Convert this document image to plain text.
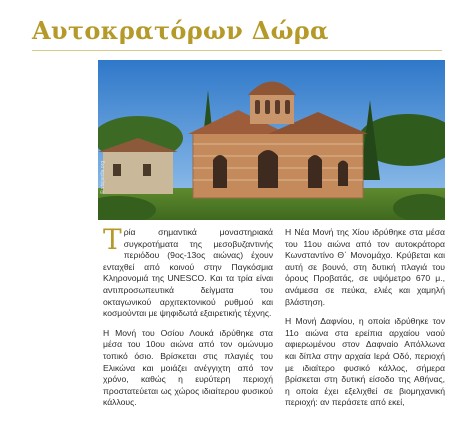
Αυτοκρατόρων Δώρα
© visipedia.org

Τρία σημαντικά μοναστηριακά συγκροτήματα της μεσοβυζαντινής περιόδου (9ος-13ος αιώνας) έχουν ενταχθεί από κοινού στην Παγκόσμια Κληρονομιά της UNESCO. Και τα τρία είναι αντιπροσωπευτικά δείγματα του οκταγωνικού αρχιτεκτονικού ρυθμού και κοσμούνται με ψηφιδωτά εξαιρετικής τέχνης.

Η Μονή του Οσίου Λουκά ιδρύθηκε στα μέσα του 10ου αιώνα από τον ομώνυμο τοπικό όσιο. Βρίσκεται στις πλαγιές του Ελικώνα και μοιάζει ανέγγιχτη από τον χρόνο, καθώς η ευρύτερη περιοχή προστατεύεται ως χώρος ιδιαίτερου φυσικού κάλλους.

Η Νέα Μονή της Χίου ιδρύθηκε στα μέσα του 11ου αιώνα από τον αυτοκράτορα Κωνσταντίνο Θ΄ Μονομάχο. Κρύβεται και αυτή σε βουνό, στη δυτική πλαγιά του όρους Προβατάς, σε υψόμετρο 670 μ., ανάμεσα σε πεύκα, ελιές και χαμηλή βλάστηση.

Η Μονή Δαφνίου, η οποία ιδρύθηκε τον 11ο αιώνα στα ερείπια αρχαίου ναού αφιερωμένου στον Δαφναίο Απόλλωνα και δίπλα στην αρχαία Ιερά Οδό, περιοχή με ιδιαίτερο φυσικό κάλλος, σήμερα βρίσκεται στη δυτική είσοδο της Αθήνας, η οποία έχει εξελιχθεί σε βιομηχανική περιοχή: αν περάσετε από εκεί,
